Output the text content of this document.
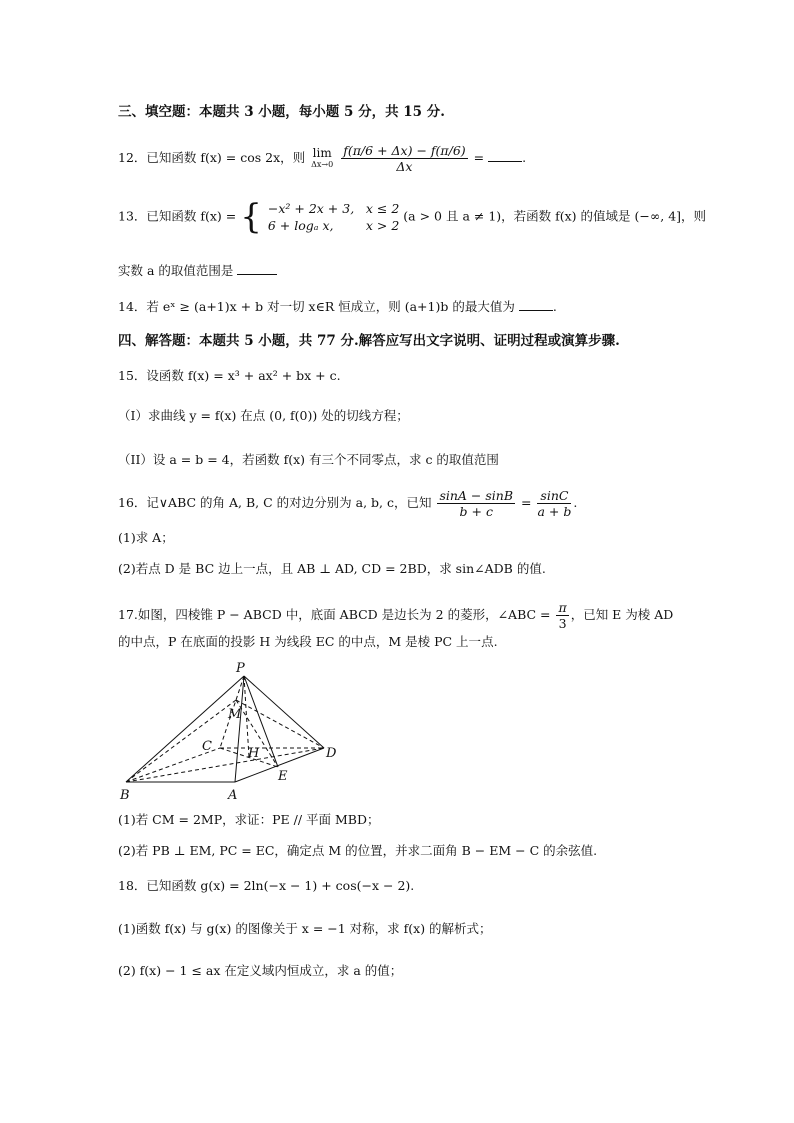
三、填空题：本题共 3 小题，每小题 5 分，共 15 分.
12．已知函数 f(x) = cos 2x，则 lim
Δx→0
$\frac{f(\pi/6 + \Delta x) - f(\pi/6)}{\Delta x}$ =	.
13．已知函数 f(x) = { −x² + 2x + 3, x ≤ 2
6 + logₐ x,	x > 2
(a > 0 且 a ≠ 1)，若函数 f(x) 的值域是 (−∞, 4]，则
实数 a 的取值范围是
14．若 eˣ ≥ (a+1)x + b 对一切 x∈R 恒成立，则 (a+1)b 的最大值为	.
四、解答题：本题共 5 小题，共 77 分.解答应写出文字说明、证明过程或演算步骤.
15．设函数 f(x) = x³ + ax² + bx + c.
（I）求曲线 y = f(x) 在点 (0, f(0)) 处的切线方程；
（II）设 a = b = 4，若函数 f(x) 有三个不同零点，求 c 的取值范围
16．记∨ABC 的角 A, B, C 的对边分别为 a, b, c，已知 $\frac{\sin A - \sin B}{b + c} = \frac{\sin C}{a + b}$ .
(1)求 A；
(2)若点 D 是 BC 边上一点，且 AB ⊥ AD, CD = 2BD，求 sin∠ADB 的值.
17.如图，四棱锥 P − ABCD 中，底面 ABCD 是边长为 2 的菱形，∠ABC = $\frac{\pi}{3}$ ，已知 E 为棱 AD
的中点，P 在底面的投影 H 为线段 EC 的中点，M 是棱 PC 上一点.
P
M
C	H	D
E
B	A
(1)若 CM = 2MP，求证：PE // 平面 MBD；
(2)若 PB ⊥ EM, PC = EC，确定点 M 的位置，并求二面角 B − EM − C 的余弦值.
18．已知函数 g(x) = 2ln(−x − 1) + cos(−x − 2).
(1)函数 f(x) 与 g(x) 的图像关于 x = −1 对称，求 f(x) 的解析式；
(2) f(x) − 1 ≤ ax 在定义域内恒成立，求 a 的值；
